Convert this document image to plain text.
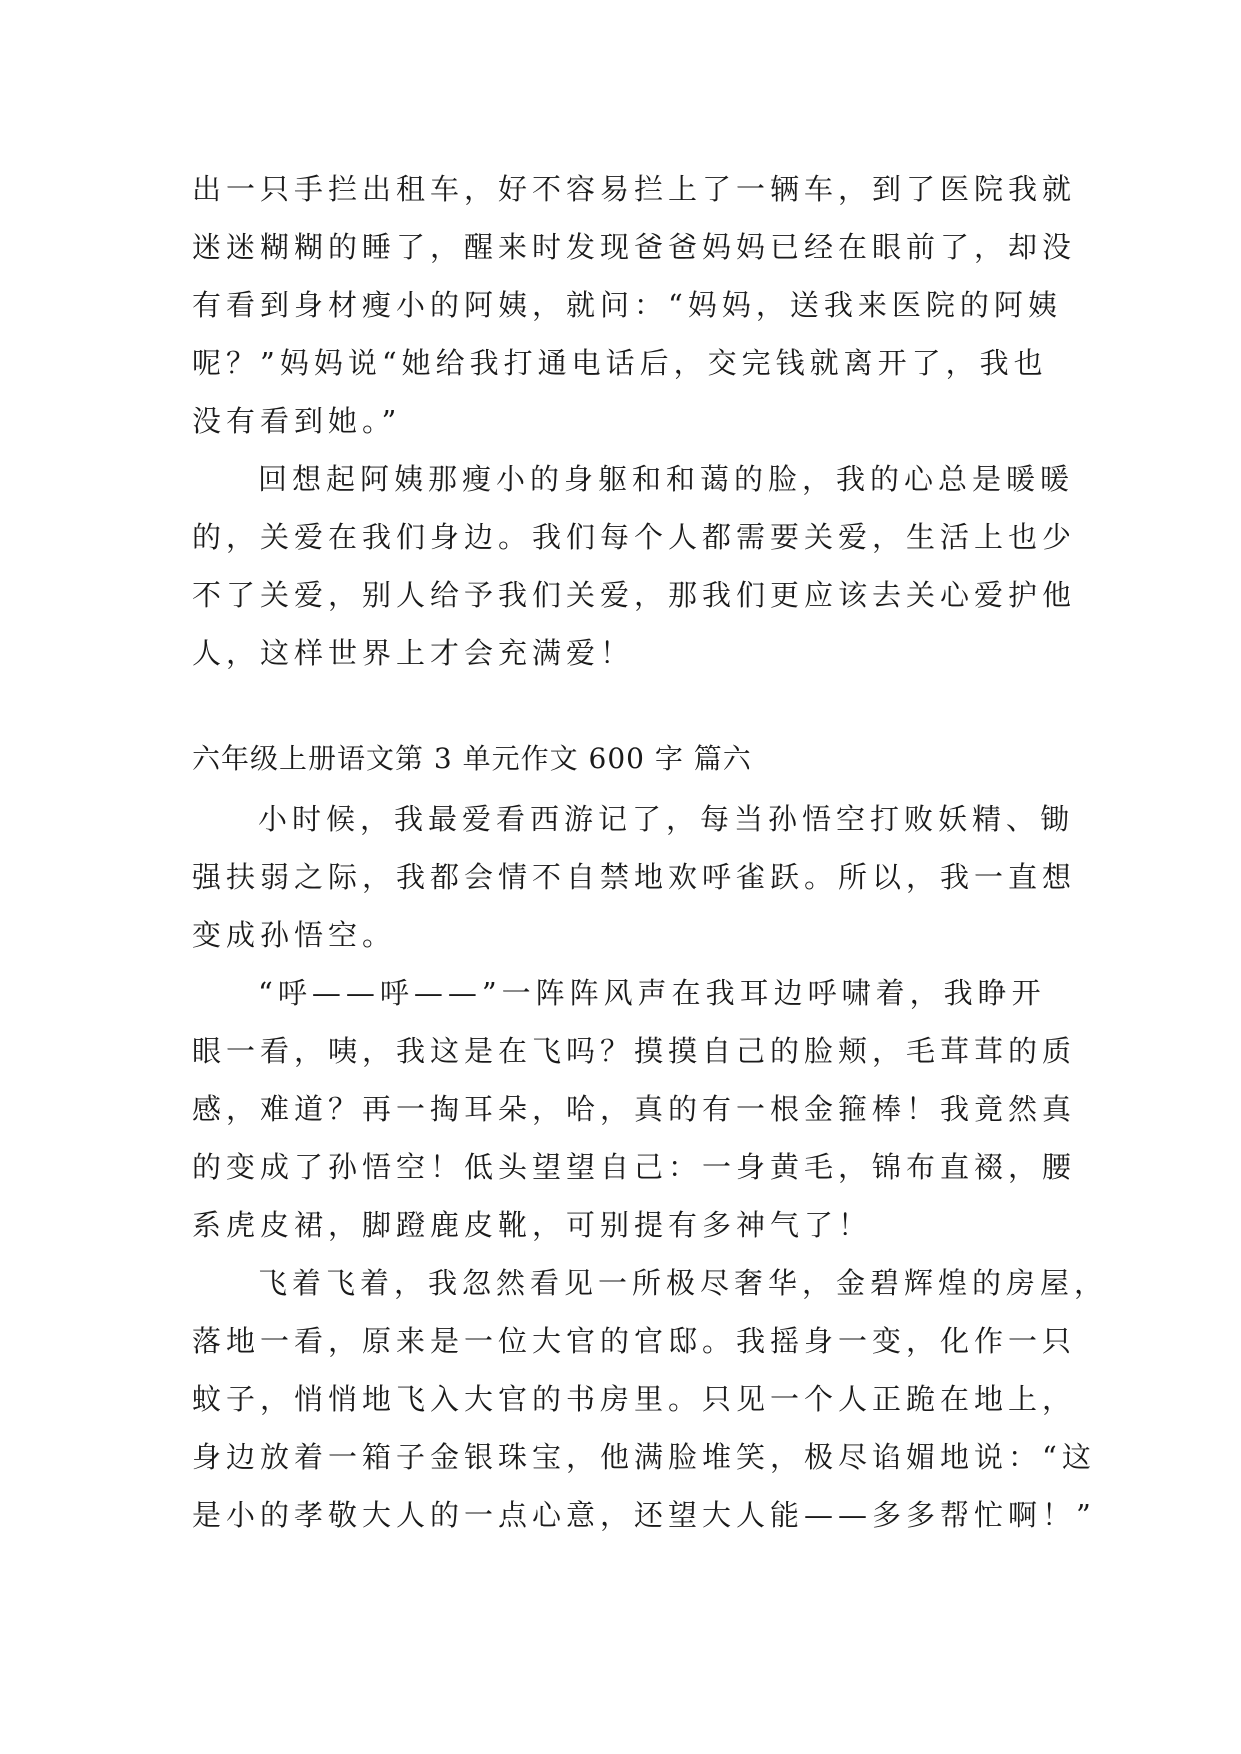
出一只手拦出租车，好不容易拦上了一辆车，到了医院我就
迷迷糊糊的睡了，醒来时发现爸爸妈妈已经在眼前了，却没
有看到身材瘦小的阿姨，就问：“妈妈，送我来医院的阿姨
呢？”妈妈说“她给我打通电话后，交完钱就离开了，我也
没有看到她。”
回想起阿姨那瘦小的身躯和和蔼的脸，我的心总是暖暖
的，关爱在我们身边。我们每个人都需要关爱，生活上也少
不了关爱，别人给予我们关爱，那我们更应该去关心爱护他
人，这样世界上才会充满爱！
六年级上册语文第 3 单元作文 600 字 篇六
小时候，我最爱看西游记了，每当孙悟空打败妖精、锄
强扶弱之际，我都会情不自禁地欢呼雀跃。所以，我一直想
变成孙悟空。
“呼——呼——”一阵阵风声在我耳边呼啸着，我睁开
眼一看，咦，我这是在飞吗？摸摸自己的脸颊，毛茸茸的质
感，难道？再一掏耳朵，哈，真的有一根金箍棒！我竟然真
的变成了孙悟空！低头望望自己：一身黄毛，锦布直裰，腰
系虎皮裙，脚蹬鹿皮靴，可别提有多神气了！
飞着飞着，我忽然看见一所极尽奢华，金碧辉煌的房屋，
落地一看，原来是一位大官的官邸。我摇身一变，化作一只
蚊子，悄悄地飞入大官的书房里。只见一个人正跪在地上，
身边放着一箱子金银珠宝，他满脸堆笑，极尽谄媚地说：“这
是小的孝敬大人的一点心意，还望大人能——多多帮忙啊！”
